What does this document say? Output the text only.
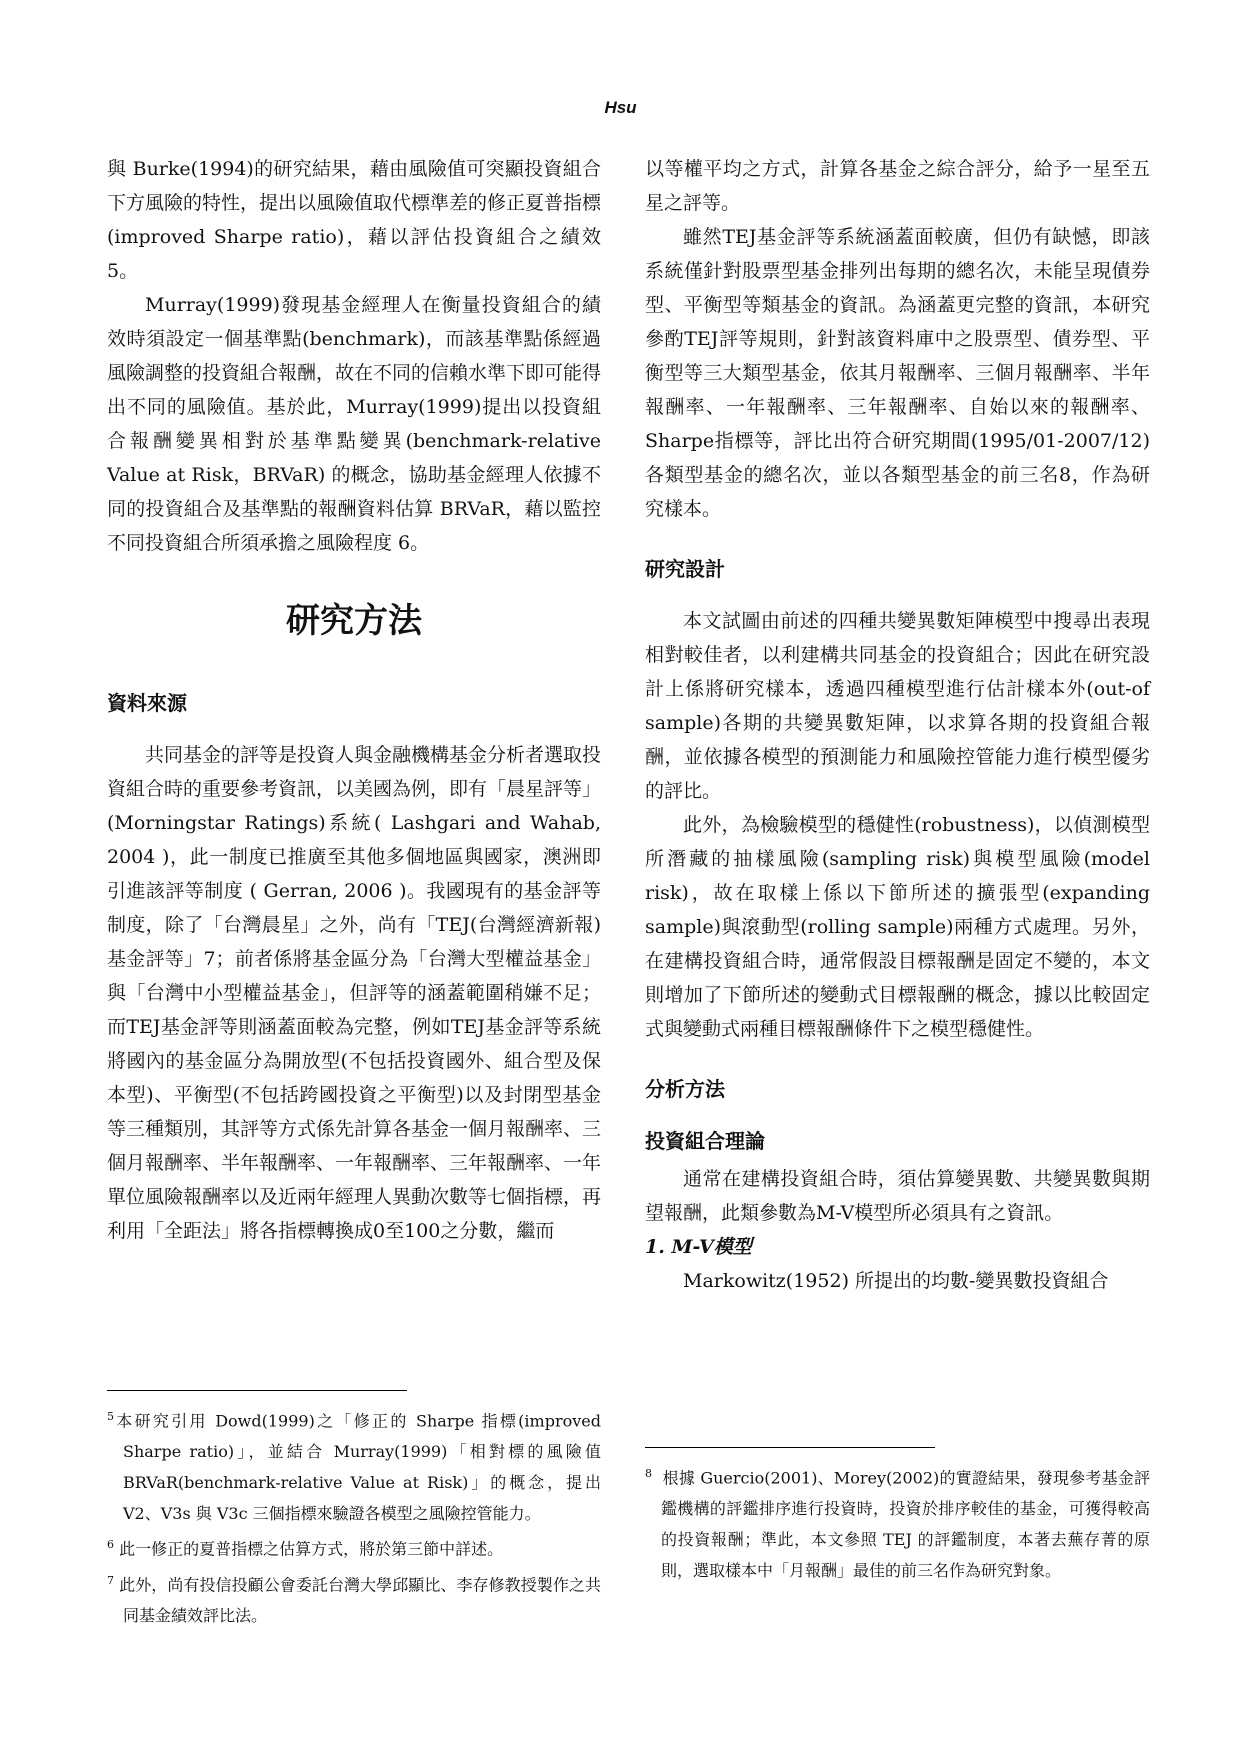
Hsu

與 Burke(1994)的研究結果，藉由風險值可突顯投資組合下方風險的特性，提出以風險值取代標準差的修正夏普指標(improved Sharpe ratio)，藉以評估投資組合之績效 5。

Murray(1999)發現基金經理人在衡量投資組合的績效時須設定一個基準點(benchmark)，而該基準點係經過風險調整的投資組合報酬，故在不同的信賴水準下即可能得出不同的風險值。基於此，Murray(1999)提出以投資組合報酬變異相對於基準點變異(benchmark-relative Value at Risk，BRVaR) 的概念，協助基金經理人依據不同的投資組合及基準點的報酬資料估算 BRVaR，藉以監控不同投資組合所須承擔之風險程度 6。

研究方法
資料來源

共同基金的評等是投資人與金融機構基金分析者選取投資組合時的重要參考資訊，以美國為例，即有「晨星評等」(Morningstar Ratings)系統( Lashgari and Wahab, 2004 )，此一制度已推廣至其他多個地區與國家，澳洲即引進該評等制度 ( Gerran, 2006 )。我國現有的基金評等制度，除了「台灣晨星」之外，尚有「TEJ(台灣經濟新報)基金評等」7；前者係將基金區分為「台灣大型權益基金」與「台灣中小型權益基金」，但評等的涵蓋範圍稍嫌不足；而TEJ基金評等則涵蓋面較為完整，例如TEJ基金評等系統將國內的基金區分為開放型(不包括投資國外、組合型及保本型)、平衡型(不包括跨國投資之平衡型)以及封閉型基金等三種類別，其評等方式係先計算各基金一個月報酬率、三個月報酬率、半年報酬率、一年報酬率、三年報酬率、一年單位風險報酬率以及近兩年經理人異動次數等七個指標，再利用「全距法」將各指標轉換成0至100之分數，繼而

以等權平均之方式，計算各基金之綜合評分，給予一星至五星之評等。

雖然TEJ基金評等系統涵蓋面較廣，但仍有缺憾，即該系統僅針對股票型基金排列出每期的總名次，未能呈現債券型、平衡型等類基金的資訊。為涵蓋更完整的資訊，本研究參酌TEJ評等規則，針對該資料庫中之股票型、債券型、平衡型等三大類型基金，依其月報酬率、三個月報酬率、半年報酬率、一年報酬率、三年報酬率、自始以來的報酬率、Sharpe指標等，評比出符合研究期間(1995/01-2007/12)各類型基金的總名次，並以各類型基金的前三名8，作為研究樣本。

研究設計

本文試圖由前述的四種共變異數矩陣模型中搜尋出表現相對較佳者，以利建構共同基金的投資組合；因此在研究設計上係將研究樣本，透過四種模型進行估計樣本外(out-of sample)各期的共變異數矩陣，以求算各期的投資組合報酬，並依據各模型的預測能力和風險控管能力進行模型優劣的評比。

此外，為檢驗模型的穩健性(robustness)，以偵測模型所潛藏的抽樣風險(sampling risk)與模型風險(model risk)，故在取樣上係以下節所述的擴張型(expanding sample)與滾動型(rolling sample)兩種方式處理。另外，在建構投資組合時，通常假設目標報酬是固定不變的，本文則增加了下節所述的變動式目標報酬的概念，據以比較固定式與變動式兩種目標報酬條件下之模型穩健性。

分析方法
投資組合理論

通常在建構投資組合時，須估算變異數、共變異數與期望報酬，此類參數為M-V模型所必須具有之資訊。

1. M-V模型

Markowitz(1952) 所提出的均數-變異數投資組合

$^5$本研究引用 Dowd(1999)之「修正的 Sharpe 指標(improved Sharpe ratio)」，並結合 Murray(1999)「相對標的風險值 BRVaR(benchmark-relative Value at Risk)」的概念，提出 V2、V3s 與 V3c 三個指標來驗證各模型之風險控管能力。

$^6$ 此一修正的夏普指標之估算方式，將於第三節中詳述。

$^7$ 此外，尚有投信投顧公會委託台灣大學邱顯比、李存修教授製作之共同基金績效評比法。

$^8$ 根據 Guercio(2001)、Morey(2002)的實證結果，發現參考基金評鑑機構的評鑑排序進行投資時，投資於排序較佳的基金，可獲得較高的投資報酬；準此，本文參照 TEJ 的評鑑制度，本著去蕪存菁的原則，選取樣本中「月報酬」最佳的前三名作為研究對象。
